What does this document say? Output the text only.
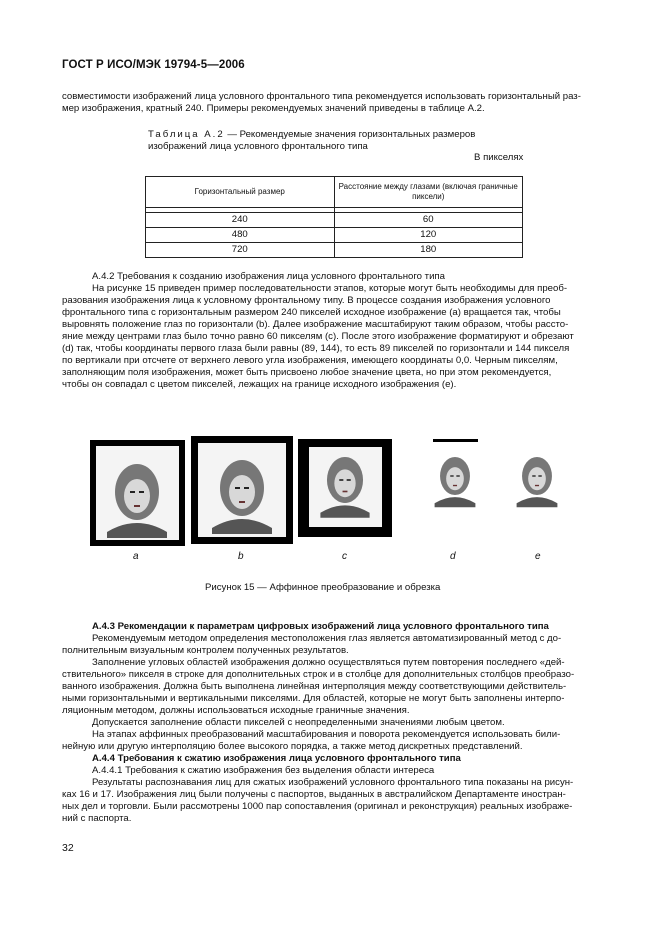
ГОСТ Р ИСО/МЭК 19794-5—2006
совместимости изображений лица условного фронтального типа рекомендуется использовать горизонтальный раз-
мер изображения, кратный 240. Примеры рекомендуемых значений приведены в таблице А.2.
Таблица А.2 — Рекомендуемые значения горизонтальных размеров
изображений лица условного фронтального типа
В пикселях
Горизонтальный размер	Расстояние между глазами (включая граничные пиксели)

240	60
480	120
720	180
А.4.2 Требования к созданию изображения лица условного фронтального типа
На рисунке 15 приведен пример последовательности этапов, которые могут быть необходимы для преоб-
разования изображения лица к условному фронтальному типу. В процессе создания изображения условного
фронтального типа с горизонтальным размером 240 пикселей исходное изображение (а) вращается так, чтобы
выровнять положение глаз по горизонтали (b). Далее изображение масштабируют таким образом, чтобы рассто-
яние между центрами глаз было точно равно 60 пикселям (с). После этого изображение форматируют и обрезают
(d) так, чтобы координаты первого глаза были равны (89, 144), то есть 89 пикселей по горизонтали и 144 пикселя
по вертикали при отсчете от верхнего левого угла изображения, имеющего координаты 0,0. Черным пикселям,
заполняющим поля изображения, может быть присвоено любое значение цвета, но при этом рекомендуется,
чтобы он совпадал с цветом пикселей, лежащих на границе исходного изображения (е).
a	b	c	d	e
Рисунок 15 — Аффинное преобразование и обрезка
А.4.3 Рекомендации к параметрам цифровых изображений лица условного фронтального типа
Рекомендуемым методом определения местоположения глаз является автоматизированный метод с до-
полнительным визуальным контролем полученных результатов.
Заполнение угловых областей изображения должно осуществляться путем повторения последнего «дей-
ствительного» пикселя в строке для дополнительных строк и в столбце для дополнительных столбцов преобразо-
ванного изображения. Должна быть выполнена линейная интерполяция между соответствующими действитель-
ными горизонтальными и вертикальными пикселями. Для областей, которые не могут быть заполнены интерпо-
ляционным методом, должны использоваться исходные граничные значения.
Допускается заполнение области пикселей с неопределенными значениями любым цветом.
На этапах аффинных преобразований масштабирования и поворота рекомендуется использовать били-
нейную или другую интерполяцию более высокого порядка, а также метод дискретных представлений.
А.4.4 Требования к сжатию изображения лица условного фронтального типа
А.4.4.1 Требования к сжатию изображения без выделения области интереса
Результаты распознавания лиц для сжатых изображений условного фронтального типа показаны на рисун-
ках 16 и 17. Изображения лиц были получены с паспортов, выданных в австралийском Департаменте иностран-
ных дел и торговли. Были рассмотрены 1000 пар сопоставления (оригинал и реконструкция) реальных изображе-
ний с паспорта.
32
